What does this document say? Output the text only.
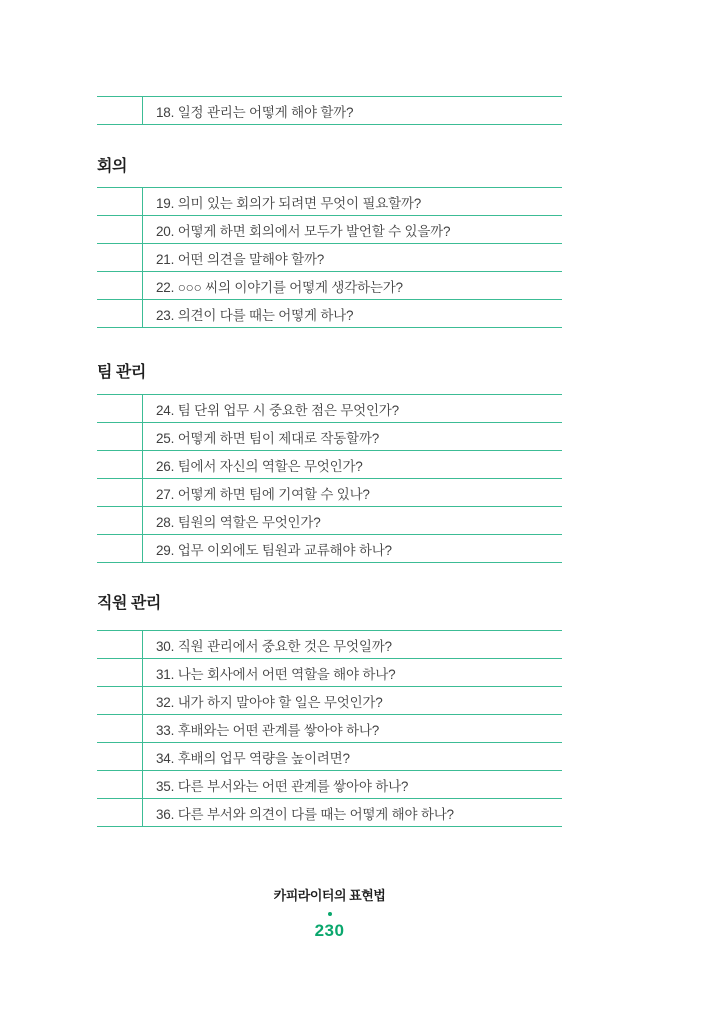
18. 일정 관리는 어떻게 해야 할까?
회의
19. 의미 있는 회의가 되려면 무엇이 필요할까?
20. 어떻게 하면 회의에서 모두가 발언할 수 있을까?
21. 어떤 의견을 말해야 할까?
22. ○○○ 씨의 이야기를 어떻게 생각하는가?
23. 의견이 다를 때는 어떻게 하나?
팀 관리
24. 팀 단위 업무 시 중요한 점은 무엇인가?
25. 어떻게 하면 팀이 제대로 작동할까?
26. 팀에서 자신의 역할은 무엇인가?
27. 어떻게 하면 팀에 기여할 수 있나?
28. 팀원의 역할은 무엇인가?
29. 업무 이외에도 팀원과 교류해야 하나?
직원 관리
30. 직원 관리에서 중요한 것은 무엇일까?
31. 나는 회사에서 어떤 역할을 해야 하나?
32. 내가 하지 말아야 할 일은 무엇인가?
33. 후배와는 어떤 관계를 쌓아야 하나?
34. 후배의 업무 역량을 높이려면?
35. 다른 부서와는 어떤 관계를 쌓아야 하나?
36. 다른 부서와 의견이 다를 때는 어떻게 해야 하나?
카피라이터의 표현법
230
